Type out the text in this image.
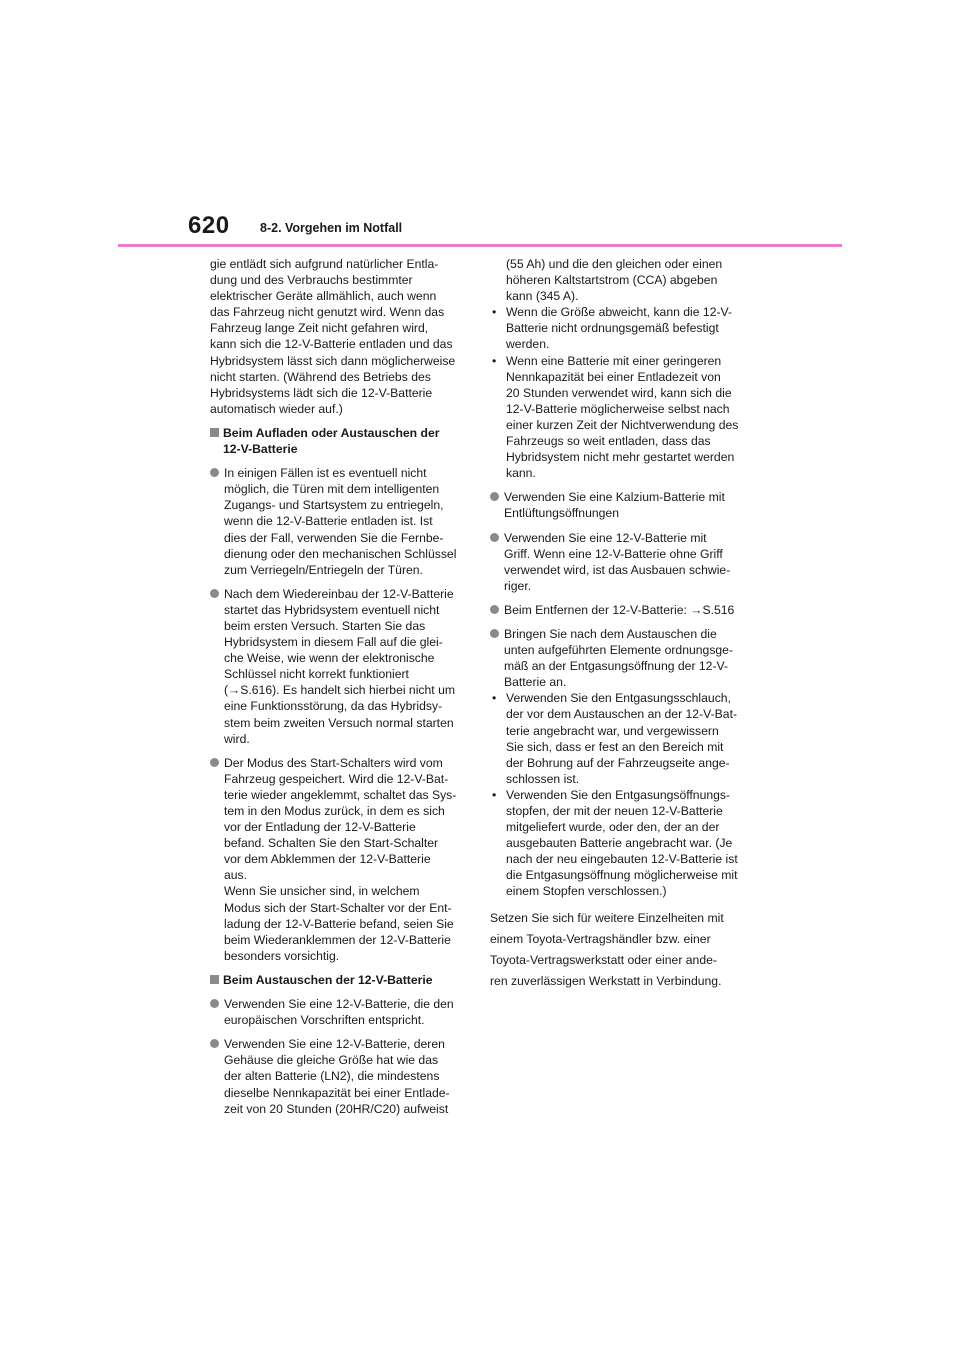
620 8-2. Vorgehen im Notfall
gie entlädt sich aufgrund natürlicher Entla-
dung und des Verbrauchs bestimmter
elektrischer Geräte allmählich, auch wenn
das Fahrzeug nicht genutzt wird. Wenn das
Fahrzeug lange Zeit nicht gefahren wird,
kann sich die 12-V-Batterie entladen und das
Hybridsystem lässt sich dann möglicherweise
nicht starten. (Während des Betriebs des
Hybridsystems lädt sich die 12-V-Batterie
automatisch wieder auf.)
Beim Aufladen oder Austauschen der
12-V-Batterie
In einigen Fällen ist es eventuell nicht
möglich, die Türen mit dem intelligenten
Zugangs- und Startsystem zu entriegeln,
wenn die 12-V-Batterie entladen ist. Ist
dies der Fall, verwenden Sie die Fernbe-
dienung oder den mechanischen Schlüssel
zum Verriegeln/Entriegeln der Türen.
Nach dem Wiedereinbau der 12-V-Batterie
startet das Hybridsystem eventuell nicht
beim ersten Versuch. Starten Sie das
Hybridsystem in diesem Fall auf die glei-
che Weise, wie wenn der elektronische
Schlüssel nicht korrekt funktioniert
(→S.616). Es handelt sich hierbei nicht um
eine Funktionsstörung, da das Hybridsy-
stem beim zweiten Versuch normal starten
wird.
Der Modus des Start-Schalters wird vom
Fahrzeug gespeichert. Wird die 12-V-Bat-
terie wieder angeklemmt, schaltet das Sys-
tem in den Modus zurück, in dem es sich
vor der Entladung der 12-V-Batterie
befand. Schalten Sie den Start-Schalter
vor dem Abklemmen der 12-V-Batterie
aus.
Wenn Sie unsicher sind, in welchem
Modus sich der Start-Schalter vor der Ent-
ladung der 12-V-Batterie befand, seien Sie
beim Wiederanklemmen der 12-V-Batterie
besonders vorsichtig.
Beim Austauschen der 12-V-Batterie
Verwenden Sie eine 12-V-Batterie, die den
europäischen Vorschriften entspricht.
Verwenden Sie eine 12-V-Batterie, deren
Gehäuse die gleiche Größe hat wie das
der alten Batterie (LN2), die mindestens
dieselbe Nennkapazität bei einer Entlade-
zeit von 20 Stunden (20HR/C20) aufweist
(55 Ah) und die den gleichen oder einen
höheren Kaltstartstrom (CCA) abgeben
kann (345 A).
• Wenn die Größe abweicht, kann die 12-V-
Batterie nicht ordnungsgemäß befestigt
werden.
• Wenn eine Batterie mit einer geringeren
Nennkapazität bei einer Entladezeit von
20 Stunden verwendet wird, kann sich die
12-V-Batterie möglicherweise selbst nach
einer kurzen Zeit der Nichtverwendung des
Fahrzeugs so weit entladen, dass das
Hybridsystem nicht mehr gestartet werden
kann.
Verwenden Sie eine Kalzium-Batterie mit
Entlüftungsöffnungen
Verwenden Sie eine 12-V-Batterie mit
Griff. Wenn eine 12-V-Batterie ohne Griff
verwendet wird, ist das Ausbauen schwie-
riger.
Beim Entfernen der 12-V-Batterie: →S.516
Bringen Sie nach dem Austauschen die
unten aufgeführten Elemente ordnungsge-
mäß an der Entgasungsöffnung der 12-V-
Batterie an.
• Verwenden Sie den Entgasungsschlauch,
der vor dem Austauschen an der 12-V-Bat-
terie angebracht war, und vergewissern
Sie sich, dass er fest an den Bereich mit
der Bohrung auf der Fahrzeugseite ange-
schlossen ist.
• Verwenden Sie den Entgasungsöffnungs-
stopfen, der mit der neuen 12-V-Batterie
mitgeliefert wurde, oder den, der an der
ausgebauten Batterie angebracht war. (Je
nach der neu eingebauten 12-V-Batterie ist
die Entgasungsöffnung möglicherweise mit
einem Stopfen verschlossen.)
Setzen Sie sich für weitere Einzelheiten mit
einem Toyota-Vertragshändler bzw. einer
Toyota-Vertragswerkstatt oder einer ande-
ren zuverlässigen Werkstatt in Verbindung.
